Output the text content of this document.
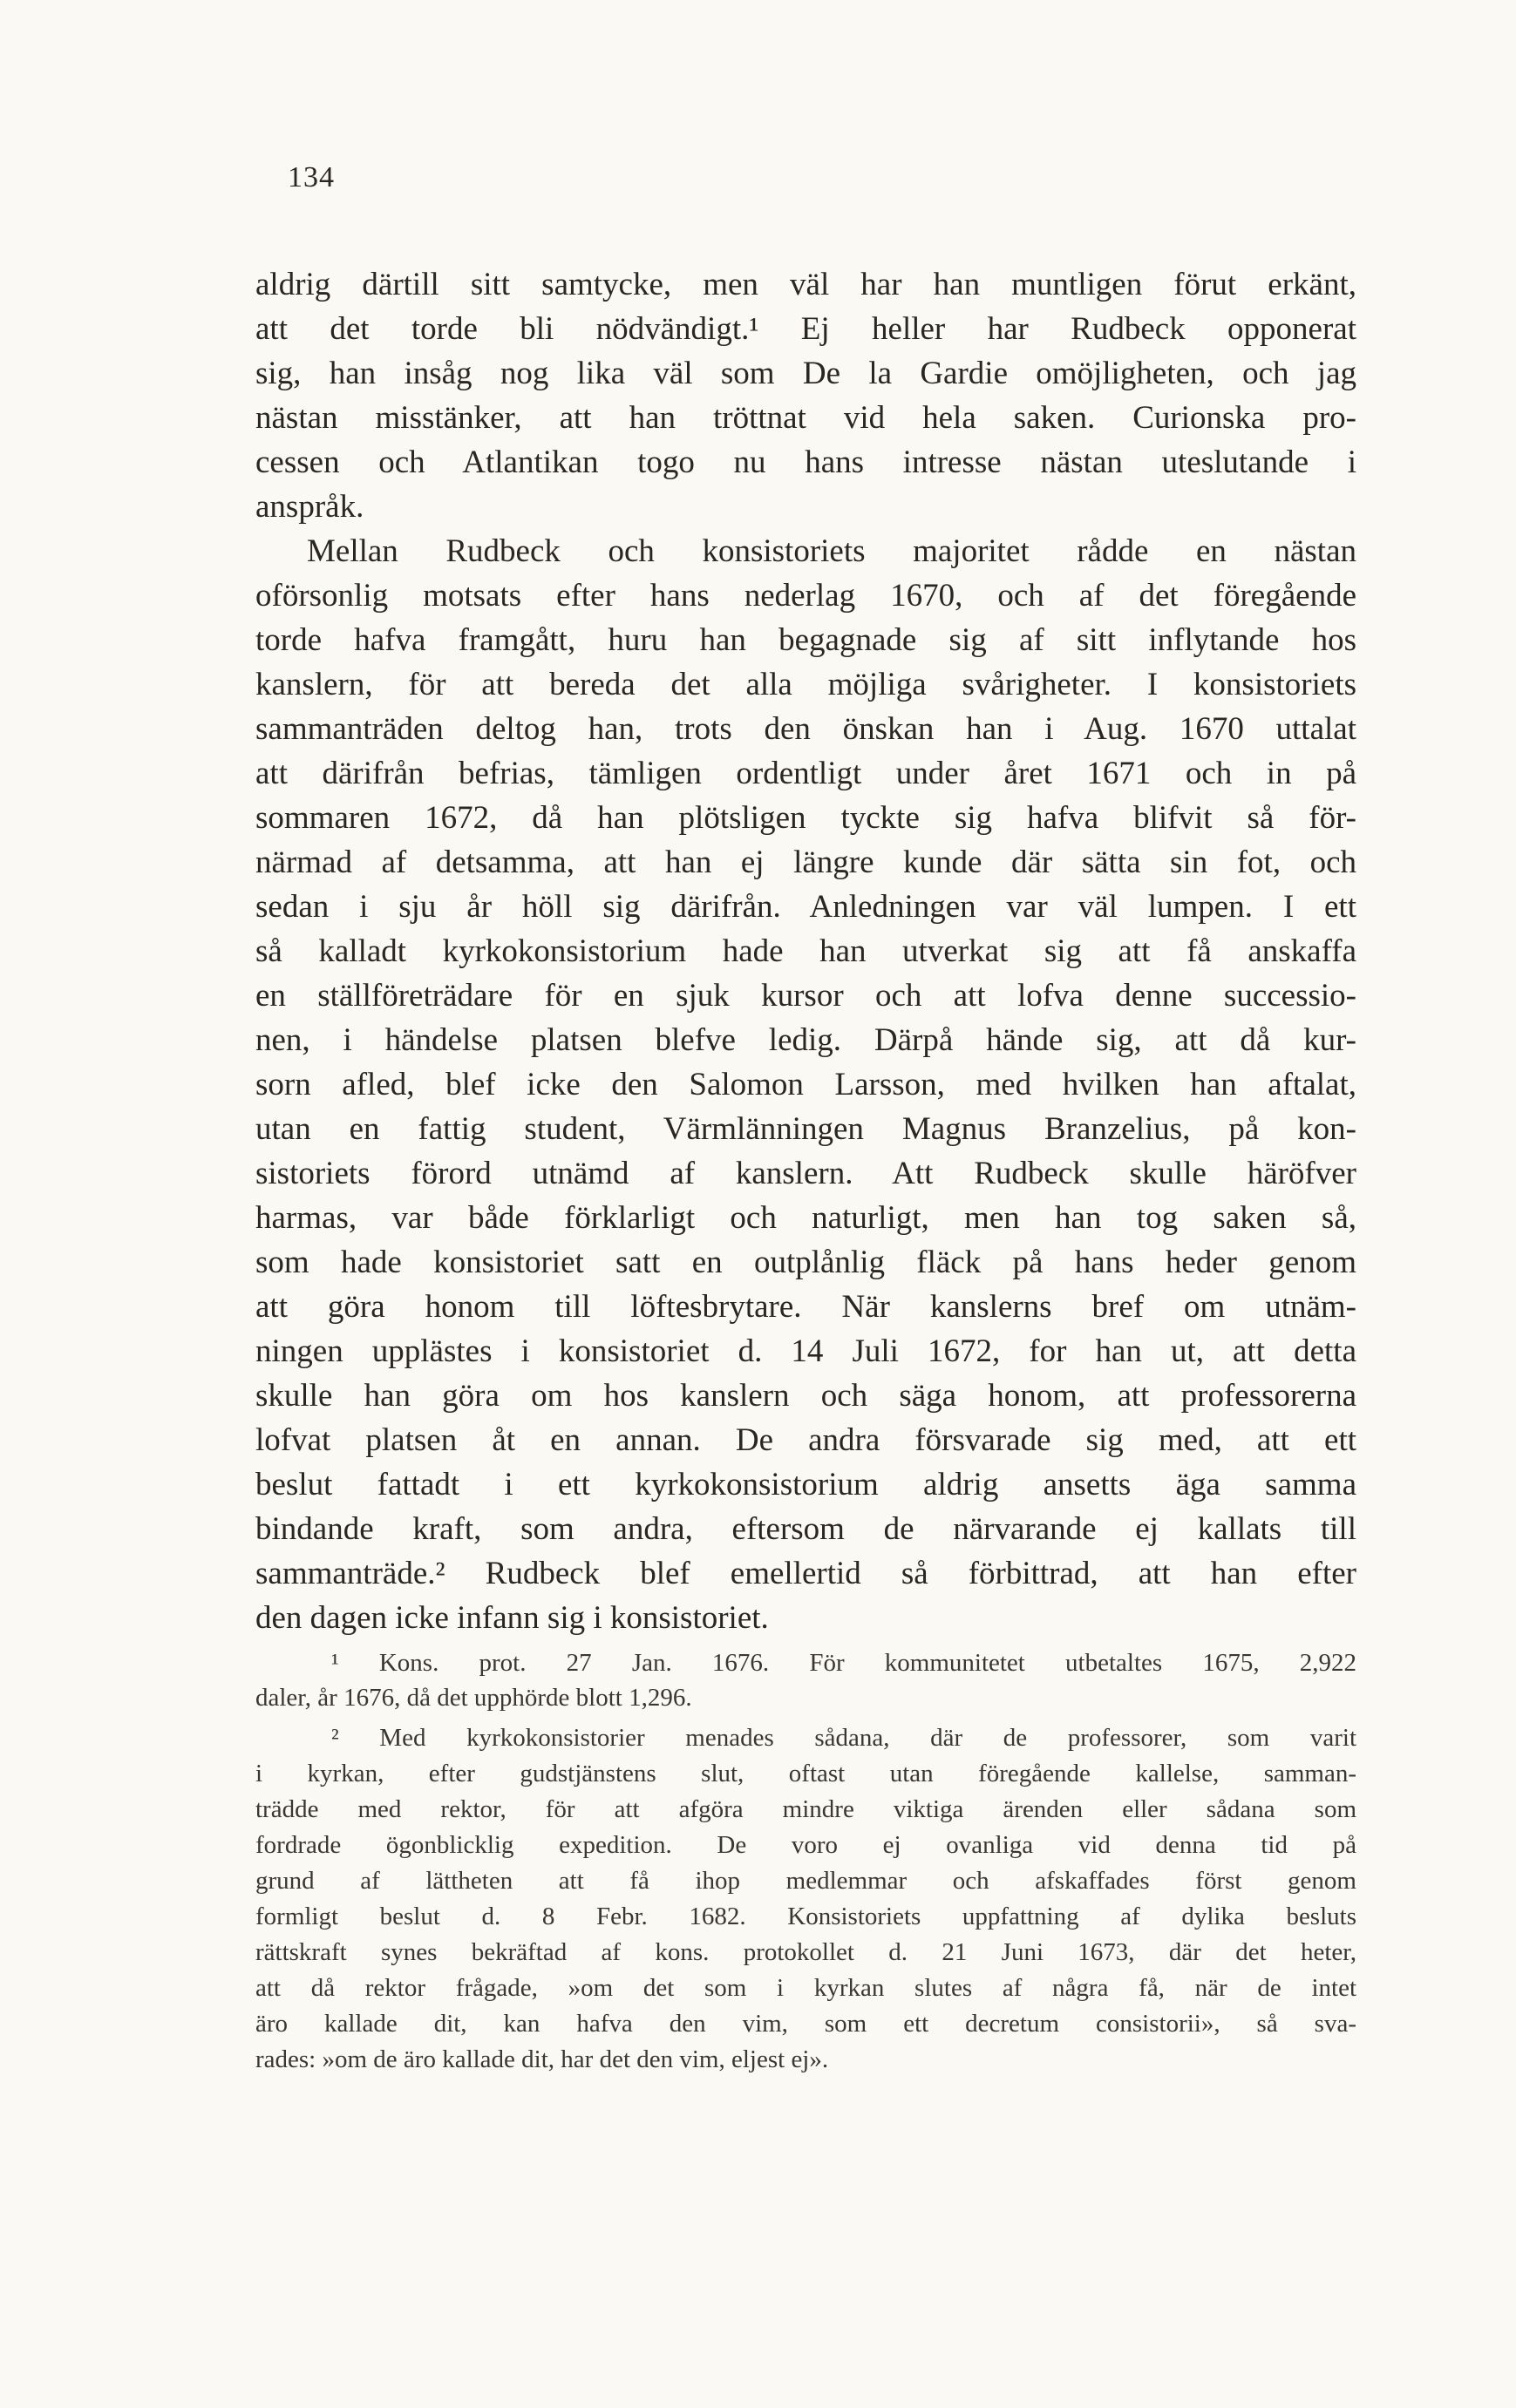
134
aldrig därtill sitt samtycke, men väl har han muntligen förut erkänt,
att det torde bli nödvändigt.¹ Ej heller har Rudbeck opponerat
sig, han insåg nog lika väl som De la Gardie omöjligheten, och jag
nästan misstänker, att han tröttnat vid hela saken. Curionska pro-
cessen och Atlantikan togo nu hans intresse nästan uteslutande i
anspråk.
Mellan Rudbeck och konsistoriets majoritet rådde en nästan
oförsonlig motsats efter hans nederlag 1670, och af det föregående
torde hafva framgått, huru han begagnade sig af sitt inflytande hos
kanslern, för att bereda det alla möjliga svårigheter. I konsistoriets
sammanträden deltog han, trots den önskan han i Aug. 1670 uttalat
att därifrån befrias, tämligen ordentligt under året 1671 och in på
sommaren 1672, då han plötsligen tyckte sig hafva blifvit så för-
närmad af detsamma, att han ej längre kunde där sätta sin fot, och
sedan i sju år höll sig därifrån. Anledningen var väl lumpen. I ett
så kalladt kyrkokonsistorium hade han utverkat sig att få anskaffa
en ställföreträdare för en sjuk kursor och att lofva denne successio-
nen, i händelse platsen blefve ledig. Därpå hände sig, att då kur-
sorn afled, blef icke den Salomon Larsson, med hvilken han aftalat,
utan en fattig student, Värmlänningen Magnus Branzelius, på kon-
sistoriets förord utnämd af kanslern. Att Rudbeck skulle häröfver
harmas, var både förklarligt och naturligt, men han tog saken så,
som hade konsistoriet satt en outplånlig fläck på hans heder genom
att göra honom till löftesbrytare. När kanslerns bref om utnäm-
ningen upplästes i konsistoriet d. 14 Juli 1672, for han ut, att detta
skulle han göra om hos kanslern och säga honom, att professorerna
lofvat platsen åt en annan. De andra försvarade sig med, att ett
beslut fattadt i ett kyrkokonsistorium aldrig ansetts äga samma
bindande kraft, som andra, eftersom de närvarande ej kallats till
sammanträde.² Rudbeck blef emellertid så förbittrad, att han efter
den dagen icke infann sig i konsistoriet.
¹ Kons. prot. 27 Jan. 1676. För kommunitetet utbetaltes 1675, 2,922
daler, år 1676, då det upphörde blott 1,296.
² Med kyrkokonsistorier menades sådana, där de professorer, som varit
i kyrkan, efter gudstjänstens slut, oftast utan föregående kallelse, samman-
trädde med rektor, för att afgöra mindre viktiga ärenden eller sådana som
fordrade ögonblicklig expedition. De voro ej ovanliga vid denna tid på
grund af lättheten att få ihop medlemmar och afskaffades först genom
formligt beslut d. 8 Febr. 1682. Konsistoriets uppfattning af dylika besluts
rättskraft synes bekräftad af kons. protokollet d. 21 Juni 1673, där det heter,
att då rektor frågade, »om det som i kyrkan slutes af några få, när de intet
äro kallade dit, kan hafva den vim, som ett decretum consistorii», så sva-
rades: »om de äro kallade dit, har det den vim, eljest ej».
